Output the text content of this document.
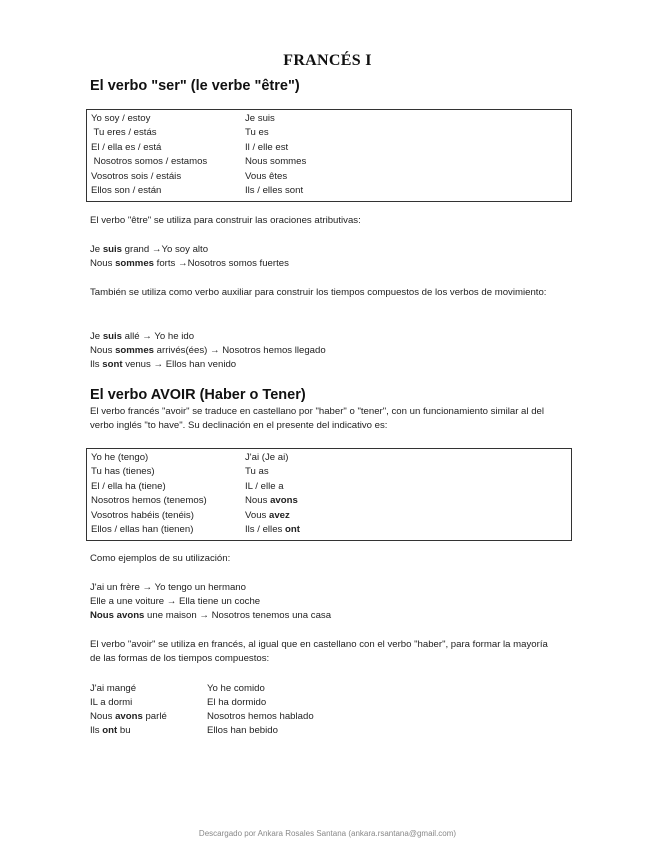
FRANCÉS I
El verbo "ser" (le verbe "être")
Yo soy / estoy	Je suis
Tu eres / estás	Tu es
El / ella es / está	Il / elle est
Nosotros somos / estamos	Nous sommes
Vosotros sois / estáis	Vous êtes
Ellos son / están	Ils / elles sont
El verbo "être" se utiliza para construir las oraciones atributivas:
Je suis grand →Yo soy alto
Nous sommes forts →Nosotros somos fuertes
También se utiliza como verbo auxiliar para construir los tiempos compuestos de los verbos de movimiento:
Je suis allé → Yo he ido
Nous sommes arrivés(ées) → Nosotros hemos llegado
Ils sont venus → Ellos han venido
El verbo AVOIR (Haber o Tener)
El verbo francés "avoir" se traduce en castellano por "haber" o "tener", con un funcionamiento similar al del verbo inglés "to have". Su declinación en el presente del indicativo es:
Yo he (tengo)	J'ai (Je ai)
Tu has (tienes)	Tu as
El / ella ha (tiene)	IL / elle a
Nosotros hemos (tenemos)	Nous avons
Vosotros habéis (tenéis)	Vous avez
Ellos / ellas han (tienen)	Ils / elles ont
Como ejemplos de su utilización:
J'ai un frère → Yo tengo un hermano
Elle a une voiture → Ella tiene un coche
Nous avons une maison → Nosotros tenemos una casa
El verbo "avoir" se utiliza en francés, al igual que en castellano con el verbo "haber", para formar la mayoría de las formas de los tiempos compuestos:
J'ai mangé	Yo he comido
IL a dormi	El ha dormido
Nous avons parlé	Nosotros hemos hablado
Ils ont bu	Ellos han bebido
Descargado por Ankara Rosales Santana (ankara.rsantana@gmail.com)
